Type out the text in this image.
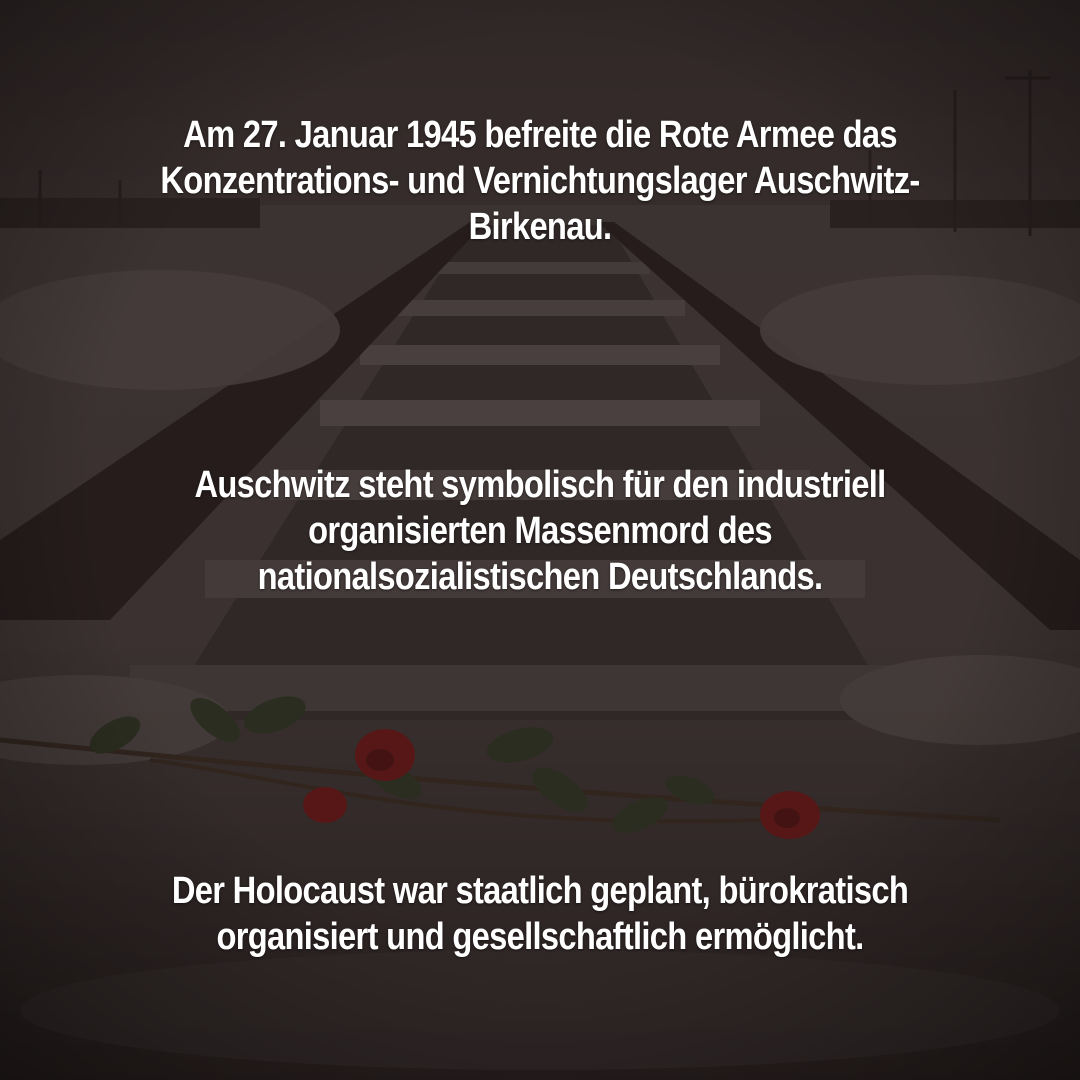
Am 27. Januar 1945 befreite die Rote Armee das
Konzentrations- und Vernichtungslager Auschwitz-
Birkenau.
Auschwitz steht symbolisch für den industriell
organisierten Massenmord des
nationalsozialistischen Deutschlands.
Der Holocaust war staatlich geplant, bürokratisch
organisiert und gesellschaftlich ermöglicht.
